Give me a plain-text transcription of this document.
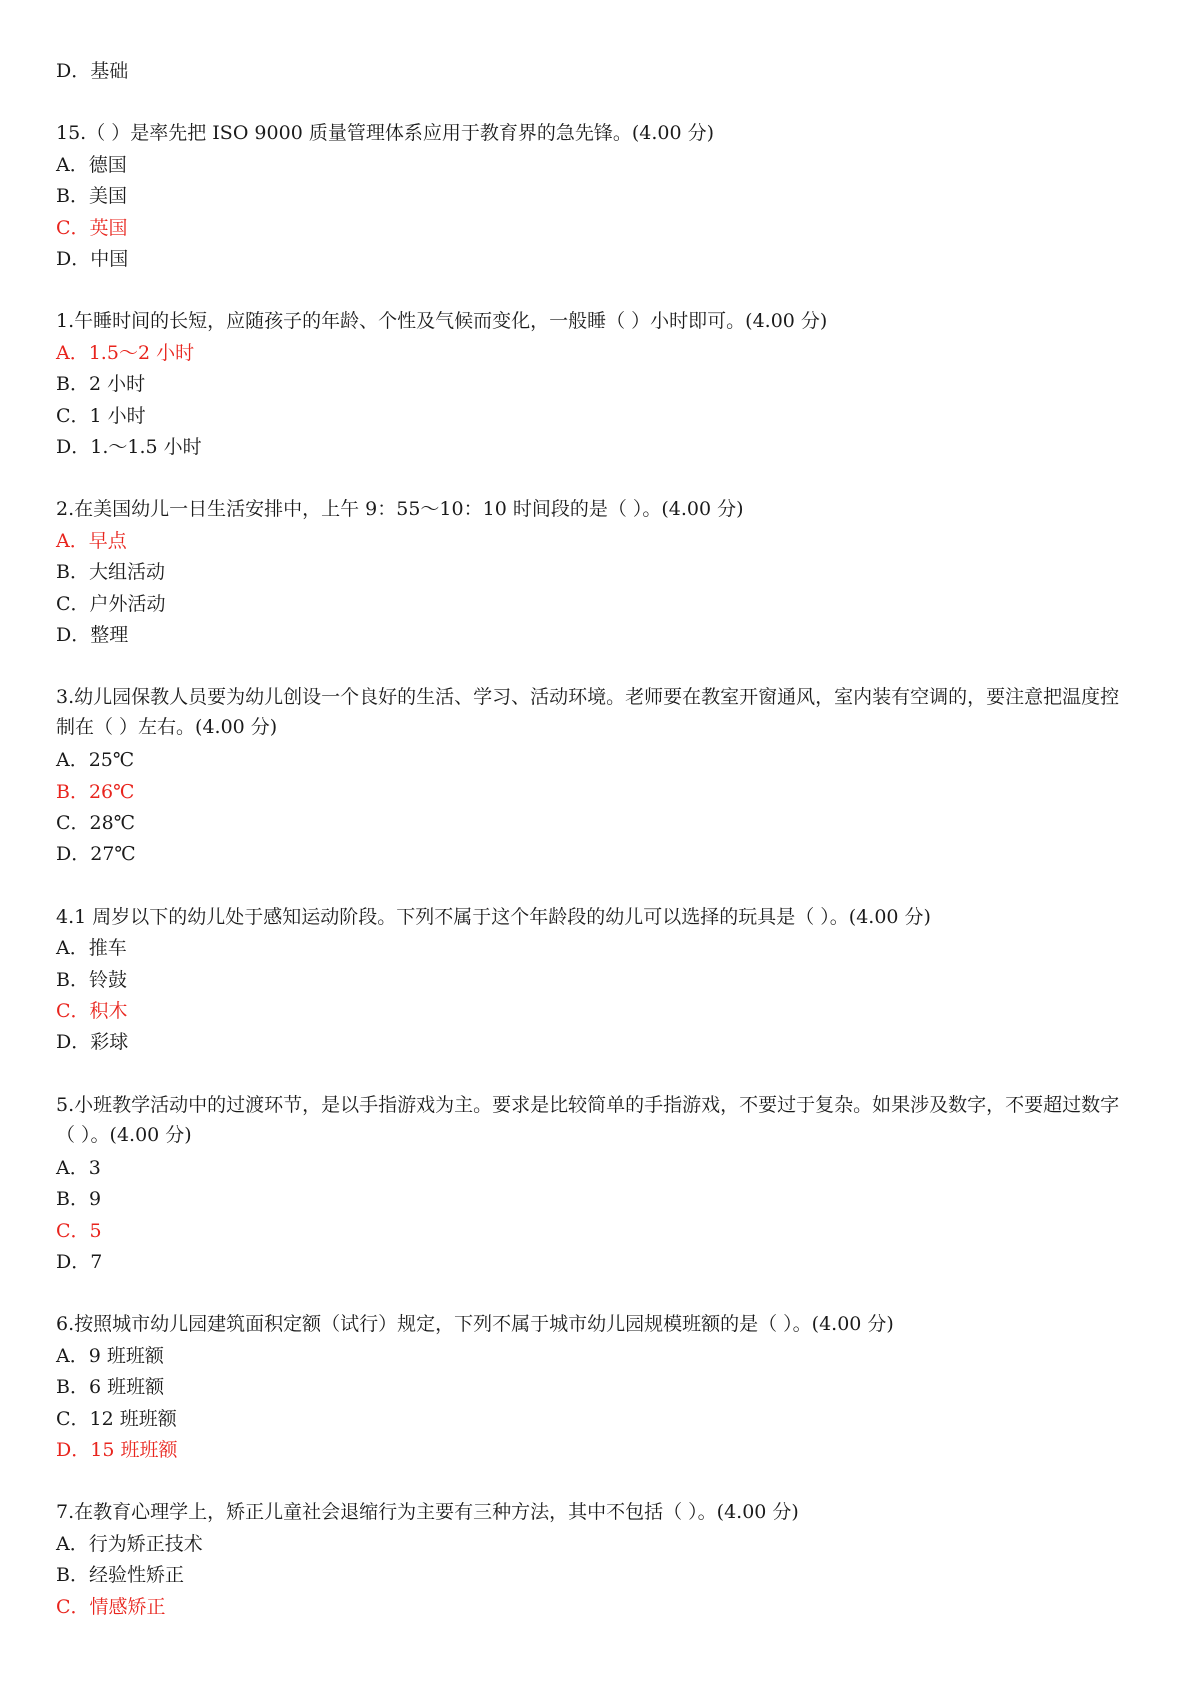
D．基础
15.（ ）是率先把 ISO 9000 质量管理体系应用于教育界的急先锋。(4.00 分)
A．德国
B．美国
C．英国
D．中国
1.午睡时间的长短，应随孩子的年龄、个性及气候而变化，一般睡（ ）小时即可。(4.00 分)
A．1.5～2 小时
B．2 小时
C．1 小时
D．1.～1.5 小时
2.在美国幼儿一日生活安排中，上午 9：55～10：10 时间段的是（ ）。(4.00 分)
A．早点
B．大组活动
C．户外活动
D．整理
3.幼儿园保教人员要为幼儿创设一个良好的生活、学习、活动环境。老师要在教室开窗通风，室内装有空调的，要注意把温度控制在（ ）左右。(4.00 分)
A．25℃
B．26℃
C．28℃
D．27℃
4.1 周岁以下的幼儿处于感知运动阶段。下列不属于这个年龄段的幼儿可以选择的玩具是（ ）。(4.00 分)
A．推车
B．铃鼓
C．积木
D．彩球
5.小班教学活动中的过渡环节，是以手指游戏为主。要求是比较简单的手指游戏，不要过于复杂。如果涉及数字，不要超过数字（ ）。(4.00 分)
A．3
B．9
C．5
D．7
6.按照城市幼儿园建筑面积定额（试行）规定，下列不属于城市幼儿园规模班额的是（ ）。(4.00 分)
A．9 班班额
B．6 班班额
C．12 班班额
D．15 班班额
7.在教育心理学上，矫正儿童社会退缩行为主要有三种方法，其中不包括（ ）。(4.00 分)
A．行为矫正技术
B．经验性矫正
C．情感矫正
